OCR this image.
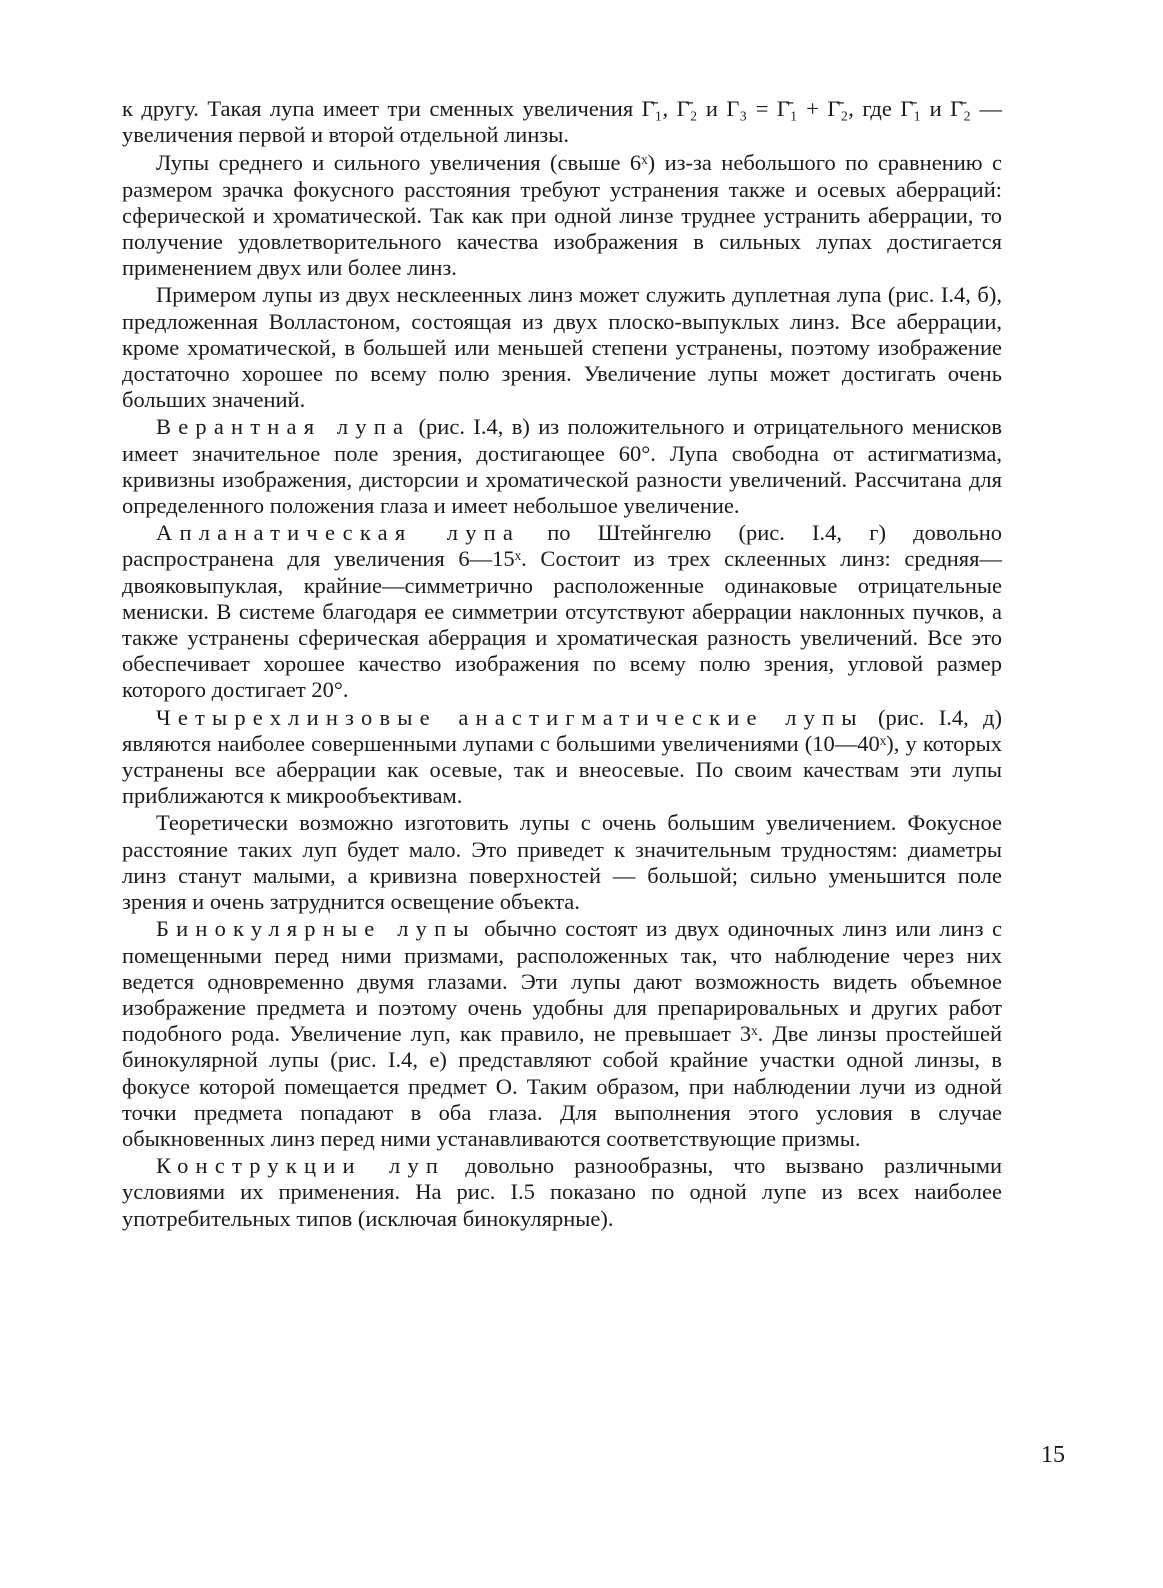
к другу. Такая лупа имеет три сменных увеличения Γ̄₁, Γ̄₂ и Γ₃ = Γ̄₁ + Γ̄₂, где Γ̄₁ и Γ̄₂ — увеличения первой и второй отдельной линзы.

Лупы среднего и сильного увеличения (свыше 6ˣ) из-за небольшого по сравнению с размером зрачка фокусного расстояния требуют устранения также и осевых аберраций: сферической и хроматической. Так как при одной линзе труднее устранить аберрации, то получение удовлетворительного качества изображения в сильных лупах достигается применением двух или более линз.

Примером лупы из двух несклеенных линз может служить дуплетная лупа (рис. I.4, б), предложенная Волластоном, состоящая из двух плоско-выпуклых линз. Все аберрации, кроме хроматической, в большей или меньшей степени устранены, поэтому изображение достаточно хорошее по всему полю зрения. Увеличение лупы может достигать очень больших значений.

Верантная лупа (рис. I.4, в) из положительного и отрицательного менисков имеет значительное поле зрения, достигающее 60°. Лупа свободна от астигматизма, кривизны изображения, дисторсии и хроматической разности увеличений. Рассчитана для определенного положения глаза и имеет небольшое увеличение.

Апланатическая лупа по Штейнгелю (рис. I.4, г) довольно распространена для увеличения 6—15ˣ. Состоит из трех склеенных линз: средняя—двояковыпуклая, крайние—симметрично расположенные одинаковые отрицательные мениски. В системе благодаря ее симметрии отсутствуют аберрации наклонных пучков, а также устранены сферическая аберрация и хроматическая разность увеличений. Все это обеспечивает хорошее качество изображения по всему полю зрения, угловой размер которого достигает 20°.

Четырехлинзовые анастигматические лупы (рис. I.4, д) являются наиболее совершенными лупами с большими увеличениями (10—40ˣ), у которых устранены все аберрации как осевые, так и внеосевые. По своим качествам эти лупы приближаются к микрообъективам.

Теоретически возможно изготовить лупы с очень большим увеличением. Фокусное расстояние таких луп будет мало. Это приведет к значительным трудностям: диаметры линз станут малыми, а кривизна поверхностей — большой; сильно уменьшится поле зрения и очень затруднится освещение объекта.

Бинокулярные лупы обычно состоят из двух одиночных линз или линз с помещенными перед ними призмами, расположенных так, что наблюдение через них ведется одновременно двумя глазами. Эти лупы дают возможность видеть объемное изображение предмета и поэтому очень удобны для препарировальных и других работ подобного рода. Увеличение луп, как правило, не превышает 3ˣ. Две линзы простейшей бинокулярной лупы (рис. I.4, е) представляют собой крайние участки одной линзы, в фокусе которой помещается предмет О. Таким образом, при наблюдении лучи из одной точки предмета попадают в оба глаза. Для выполнения этого условия в случае обыкновенных линз перед ними устанавливаются соответствующие призмы.

Конструкции луп довольно разнообразны, что вызвано различными условиями их применения. На рис. I.5 показано по одной лупе из всех наиболее употребительных типов (исключая бинокулярные).

15
